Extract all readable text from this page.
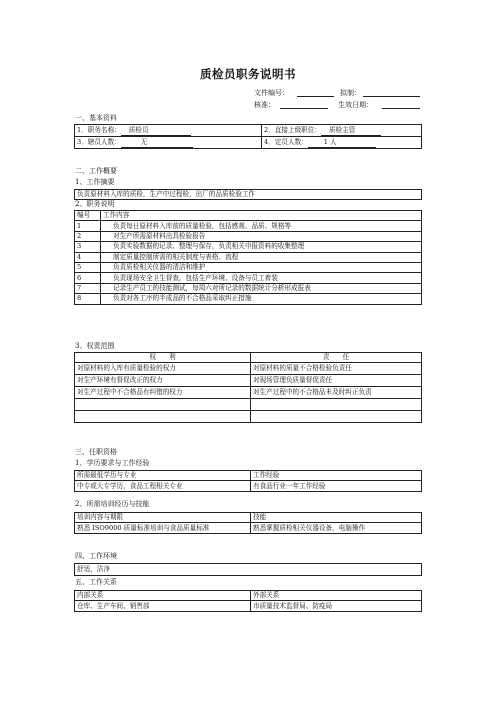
质检员职务说明书
文件编号：	拟制：
核准：	生效日期：
一、基本资料
1．职务名称： 质检员	2．直接上级职位： 质检主管
3．辖员人数： 无	4．定员人数： 1 人
二、工作概要
1、工作摘要
负责原材料入库的质检，生产中过程检，出厂的品质检验工作
2、职务说明
编号	工作内容
1	负责每日原材料入库前的质量检验，包括感观、品质、规格等
2	对生产所需原材料出具检验报告
3	负责实验数据的记录、整理与保存，负责相关申报资料的收集整理
4	制定质量控制所需的相关制度与表格、流程
5	负责质检相关仪器的清洁和维护
6	负责现场安全卫生督查，包括生产环境、设备与员工着装
7	记录生产员工的技能测试，每周六对所记录的数据统计分析形成报表
8	负责对各工序的半成品的不合格品采取纠正措施
3、权责范围
权　　利	责　　任
对原材料的入库有质量检验的权力	对原材料的质量不合格检验负责任
对生产环境有督促改正的权力	对现场管理负质量督促责任
对生产过程中不合格品有纠错的权力	对生产过程中的不合格品未及时纠正负责

三、任职资格
1、学历要求与工作经验
所需最低学历与专业	工作经验
中专或大专学历，食品工程相关专业	有食品行业一年工作经验
2、所需培训经历与技能
培训内容与期限	技能
熟悉 ISO9000 质量标准培训与食品质量标准	熟悉掌握质检相关仪器设备，电脑操作
四、工作环境
舒适，洁净
五、工作关系
内部关系	外部关系
仓库、生产车间、销售部	市质量技术监督局、防疫局
